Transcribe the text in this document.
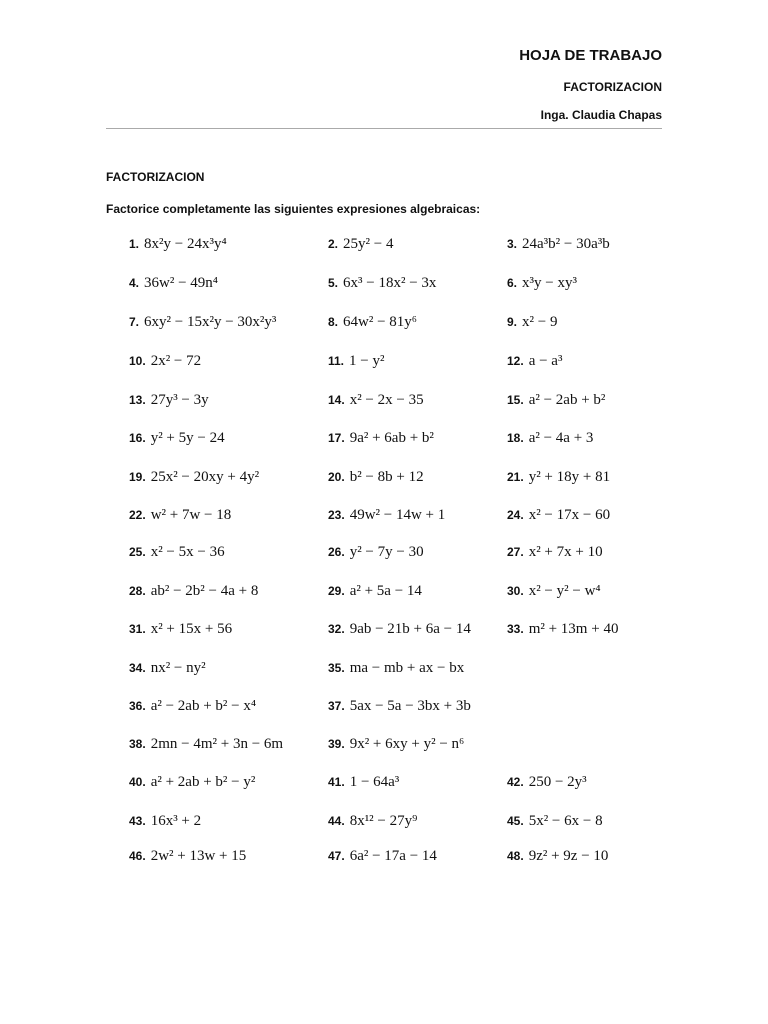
HOJA DE TRABAJO
FACTORIZACION
Inga. Claudia Chapas
FACTORIZACION
Factorice completamente las siguientes expresiones algebraicas:
1. 8x²y − 24x³y⁴	2. 25y² − 4	3. 24a³b² − 30a³b
4. 36w² − 49n⁴	5. 6x³ − 18x² − 3x	6. x³y − xy³
7. 6xy² − 15x²y − 30x²y³	8. 64w² − 81y⁶	9. x² − 9
10. 2x² − 72	11. 1 − y²	12. a − a³
13. 27y³ − 3y	14. x² − 2x − 35	15. a² − 2ab + b²
16. y² + 5y − 24	17. 9a² + 6ab + b²	18. a² − 4a + 3
19. 25x² − 20xy + 4y²	20. b² − 8b + 12	21. y² + 18y + 81
22. w² + 7w − 18	23. 49w² − 14w + 1	24. x² − 17x − 60
25. x² − 5x − 36	26. y² − 7y − 30	27. x² + 7x + 10
28. ab² − 2b² − 4a + 8	29. a² + 5a − 14	30. x² − y² − w⁴
31. x² + 15x + 56	32. 9ab − 21b + 6a − 14	33. m² + 13m + 40
34. nx² − ny²	35. ma − mb + ax − bx
36. a² − 2ab + b² − x⁴	37. 5ax − 5a − 3bx + 3b
38. 2mn − 4m² + 3n − 6m	39. 9x² + 6xy + y² − n⁶
40. a² + 2ab + b² − y²	41. 1 − 64a³	42. 250 − 2y³
43. 16x³ + 2	44. 8x¹² − 27y⁹	45. 5x² − 6x − 8
46. 2w² + 13w + 15	47. 6a² − 17a − 14	48. 9z² + 9z − 10
